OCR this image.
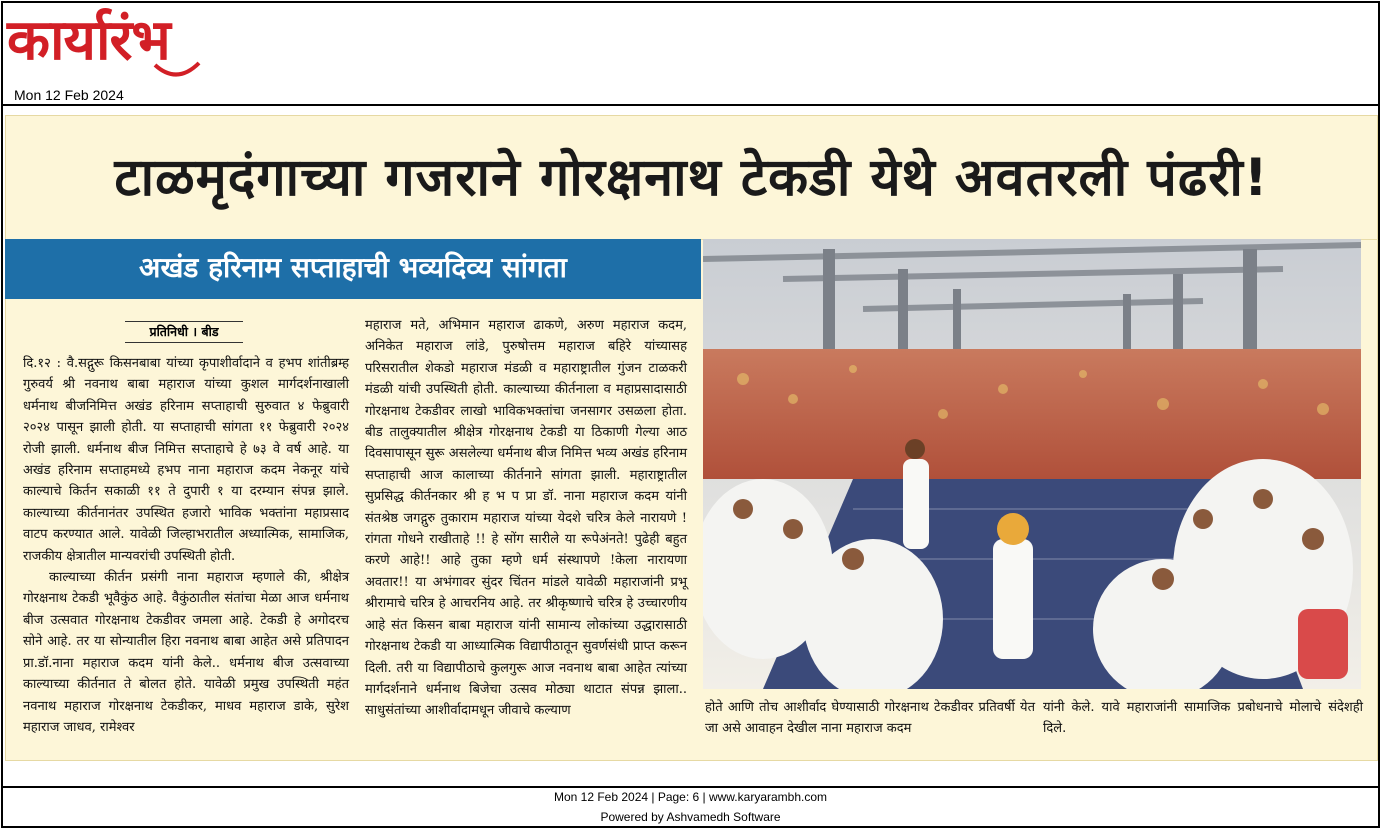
कार्यारंभ
Mon 12 Feb 2024
टाळमृदंगाच्या गजराने गोरक्षनाथ टेकडी येथे अवतरली पंढरी!
अखंड हरिनाम सप्ताहाची भव्यदिव्य सांगता
प्रतिनिधी । बीड

दि.१२ : वै.सद्गुरू किसनबाबा यांच्या कृपाशीर्वादाने व हभप शांतीब्रम्ह गुरुवर्य श्री नवनाथ बाबा महाराज यांच्या कुशल मार्गदर्शनाखाली धर्मनाथ बीजनिमित्त अखंड हरिनाम सप्ताहाची सुरुवात ४ फेब्रुवारी २०२४ पासून झाली होती. या सप्ताहाची सांगता ११ फेब्रुवारी २०२४ रोजी झाली. धर्मनाथ बीज निमित्त सप्ताहाचे हे ७३ वे वर्ष आहे. या अखंड हरिनाम सप्ताहमध्ये हभप नाना महाराज कदम नेकनूर यांचे काल्याचे किर्तन सकाळी ११ ते दुपारी १ या दरम्यान संपन्न झाले. काल्याच्या कीर्तनानंतर उपस्थित हजारो भाविक भक्तांना महाप्रसाद वाटप करण्यात आले. यावेळी जिल्हाभरातील अध्यात्मिक, सामाजिक, राजकीय क्षेत्रातील मान्यवरांची उपस्थिती होती.

काल्याच्या कीर्तन प्रसंगी नाना महाराज म्हणाले की, श्रीक्षेत्र गोरक्षनाथ टेकडी भूवैकुंठ आहे. वैकुंठातील संतांचा मेळा आज धर्मनाथ बीज उत्सवात गोरक्षनाथ टेकडीवर जमला आहे. टेकडी हे अगोदरच सोने आहे. तर या सोन्यातील हिरा नवनाथ बाबा आहेत असे प्रतिपादन प्रा.डॉ.नाना महाराज कदम यांनी केले.. धर्मनाथ बीज उत्सवाच्या काल्याच्या कीर्तनात ते बोलत होते. यावेळी प्रमुख उपस्थिती महंत नवनाथ महाराज गोरक्षनाथ टेकडीकर, माधव महाराज डाके, सुरेश महाराज जाधव, रामेश्वर

महाराज मते, अभिमान महाराज ढाकणे, अरुण महाराज कदम, अनिकेत महाराज लांडे, पुरुषोत्तम महाराज बहिरे यांच्यासह परिसरातील शेकडो महाराज मंडळी व महाराष्ट्रातील गुंजन टाळकरी मंडळी यांची उपस्थिती होती. काल्याच्या कीर्तनाला व महाप्रसादासाठी गोरक्षनाथ टेकडीवर लाखो भाविकभक्तांचा जनसागर उसळला होता. बीड तालुक्यातील श्रीक्षेत्र गोरक्षनाथ टेकडी या ठिकाणी गेल्या आठ दिवसापासून सुरू असलेल्या धर्मनाथ बीज निमित्त भव्य अखंड हरिनाम सप्ताहाची आज कालाच्या कीर्तनाने सांगता झाली. महाराष्ट्रातील सुप्रसिद्ध कीर्तनकार श्री ह भ प प्रा डॉ. नाना महाराज कदम यांनी संतश्रेष्ठ जगद्गुरु तुकाराम महाराज यांच्या येदशे चरित्र केले नारायणे ! रांगता गोधने राखीताहे !! हे सोंग सारीले या रूपेअंनते! पुढेही बहुत करणे आहे!! आहे तुका म्हणे धर्म संस्थापणे !केला नारायणा अवतार!! या अभंगावर सुंदर चिंतन मांडले यावेळी महाराजांनी प्रभू श्रीरामाचे चरित्र हे आचरनिय आहे. तर श्रीकृष्णाचे चरित्र हे उच्चारणीय आहे संत किसन बाबा महाराज यांनी सामान्य लोकांच्या उद्धारासाठी गोरक्षनाथ टेकडी या आध्यात्मिक विद्यापीठातून सुवर्णसंधी प्राप्त करून दिली. तरी या विद्यापीठाचे कुलगुरू आज नवनाथ बाबा आहेत त्यांच्या मार्गदर्शनाने धर्मनाथ बिजेचा उत्सव मोठ्या थाटात संपन्न झाला.. साधुसंतांच्या आशीर्वादामधून जीवाचे कल्याण	होते आणि तोच आशीर्वाद घेण्यासाठी गोरक्षनाथ टेकडीवर प्रतिवर्षी येत जा असे आवाहन देखील नाना महाराज कदम

यांनी केले. यावे महाराजांनी सामाजिक प्रबोधनाचे मोलाचे संदेशही दिले.

Mon 12 Feb 2024 | Page: 6 | www.karyarambh.com
Powered by Ashvamedh Software
